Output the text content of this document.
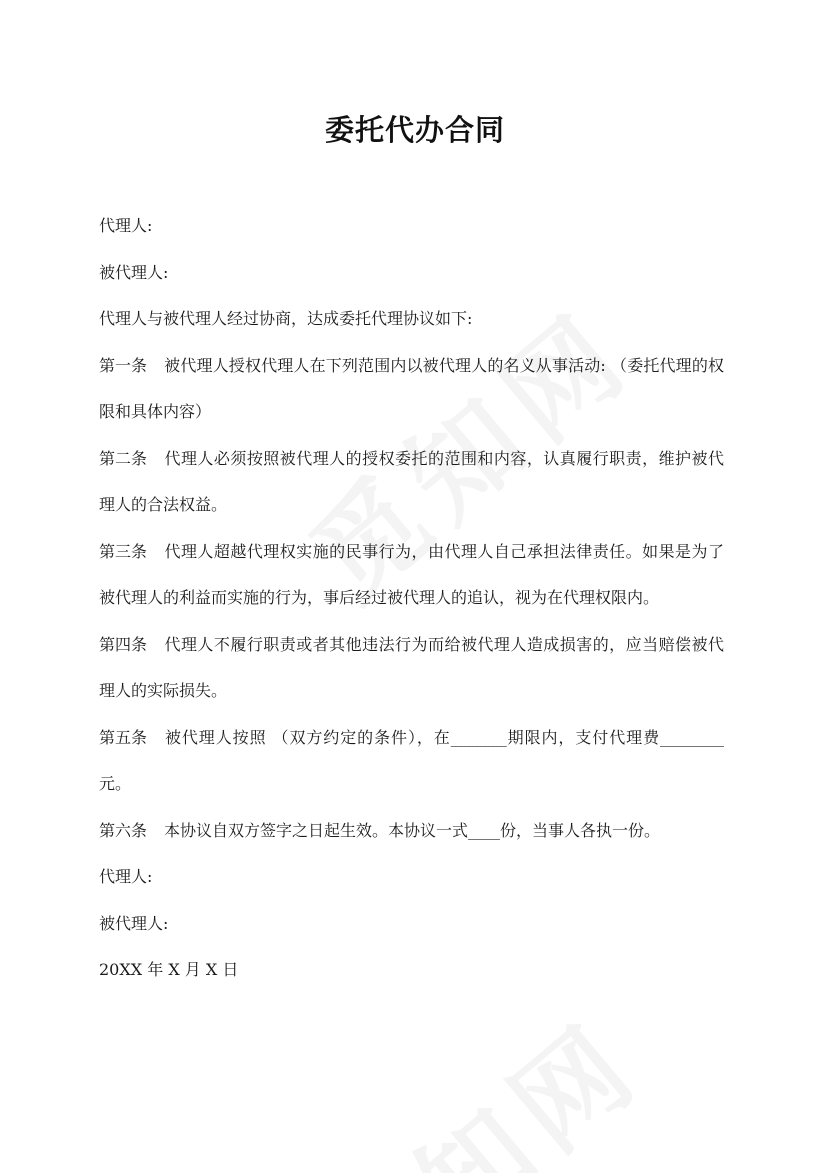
委托代办合同

代理人:

被代理人:

代理人与被代理人经过协商，达成委托代理协议如下:

第一条 被代理人授权代理人在下列范围内以被代理人的名义从事活动: （委托代理的权限和具体内容）

第二条 代理人必须按照被代理人的授权委托的范围和内容，认真履行职责，维护被代理人的合法权益。

第三条 代理人超越代理权实施的民事行为，由代理人自己承担法律责任。如果是为了被代理人的利益而实施的行为，事后经过被代理人的追认，视为在代理权限内。

第四条 代理人不履行职责或者其他违法行为而给被代理人造成损害的，应当赔偿被代理人的实际损失。

第五条 被代理人按照 （双方约定的条件），在_______期限内，支付代理费________元。

第六条 本协议自双方签字之日起生效。本协议一式____份，当事人各执一份。

代理人:

被代理人:

20XX 年 X 月 X 日
